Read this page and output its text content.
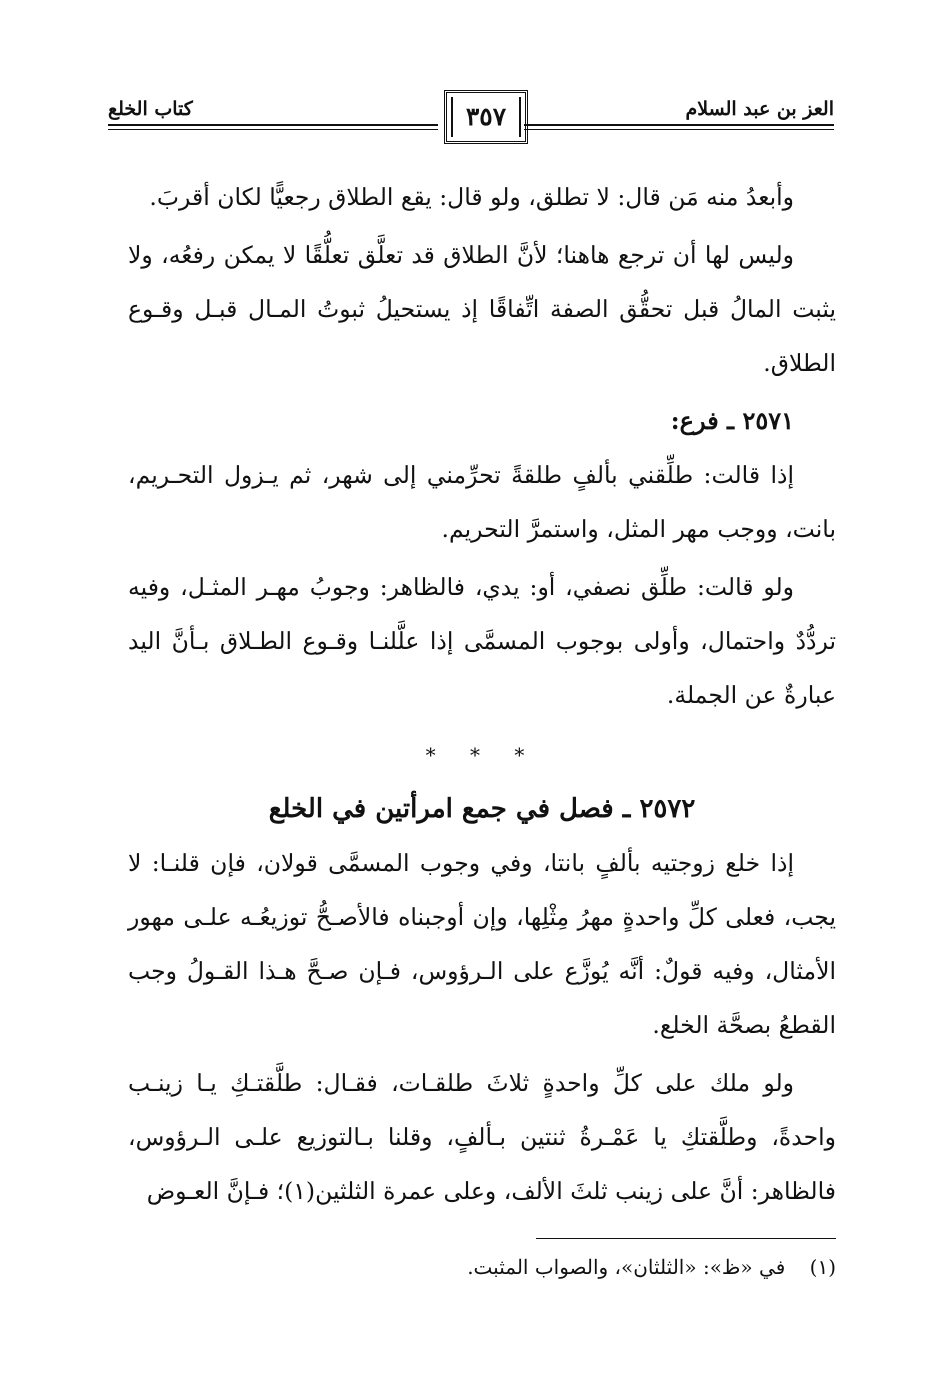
العز بن عبد السلام
٣٥٧
كتاب الخلع

وأبعدُ منه مَن قال: لا تطلق، ولو قال: يقع الطلاق رجعيًّا لكان أقربَ.

وليس لها أن ترجع هاهنا؛ لأنَّ الطلاق قد تعلَّق تعلُّقًا لا يمكن رفعُه، ولا يثبت المالُ قبل تحقُّق الصفة اتِّفاقًا إذ يستحيلُ ثبوتُ المـال قبـل وقـوع الطلاق.

٢٥٧١ ـ فرع:

إذا قالت: طلِّقني بألفٍ طلقةً تحرِّمني إلى شهر، ثم يـزول التحـريم، بانت، ووجب مهر المثل، واستمرَّ التحريم.

ولو قالت: طلِّق نصفي، أو: يدي، فالظاهر: وجوبُ مهـر المثـل، وفيه تردُّدٌ واحتمال، وأولى بوجوب المسمَّى إذا علَّلنـا وقـوع الطـلاق بـأنَّ اليد عبارةٌ عن الجملة.

* * *

٢٥٧٢ ـ فصل في جمع امرأتين في الخلع

إذا خلع زوجتيه بألفٍ بانتا، وفي وجوب المسمَّى قولان، فإن قلنـا: لا يجب، فعلى كلِّ واحدةٍ مهرُ مِثْلِها، وإن أوجبناه فالأصـحُّ توزيعُـه علـى مهور الأمثال، وفيه قولٌ: أنَّه يُوزَّع على الـرؤوس، فـإن صـحَّ هـذا القـولُ وجب القطعُ بصحَّة الخلع.

ولو ملك على كلِّ واحدةٍ ثلاثَ طلقـات، فقـال: طلَّقتـكِ يـا زينـب واحدةً، وطلَّقتكِ يا عَمْـرةُ ثنتين بـألفٍ، وقلنا بـالتوزيع علـى الـرؤوس، فالظاهر: أنَّ على زينب ثلثَ الألف، وعلى عمرة الثلثين(١)؛ فـإنَّ العـوض

(١) في «ظ»: «الثلثان»، والصواب المثبت.
